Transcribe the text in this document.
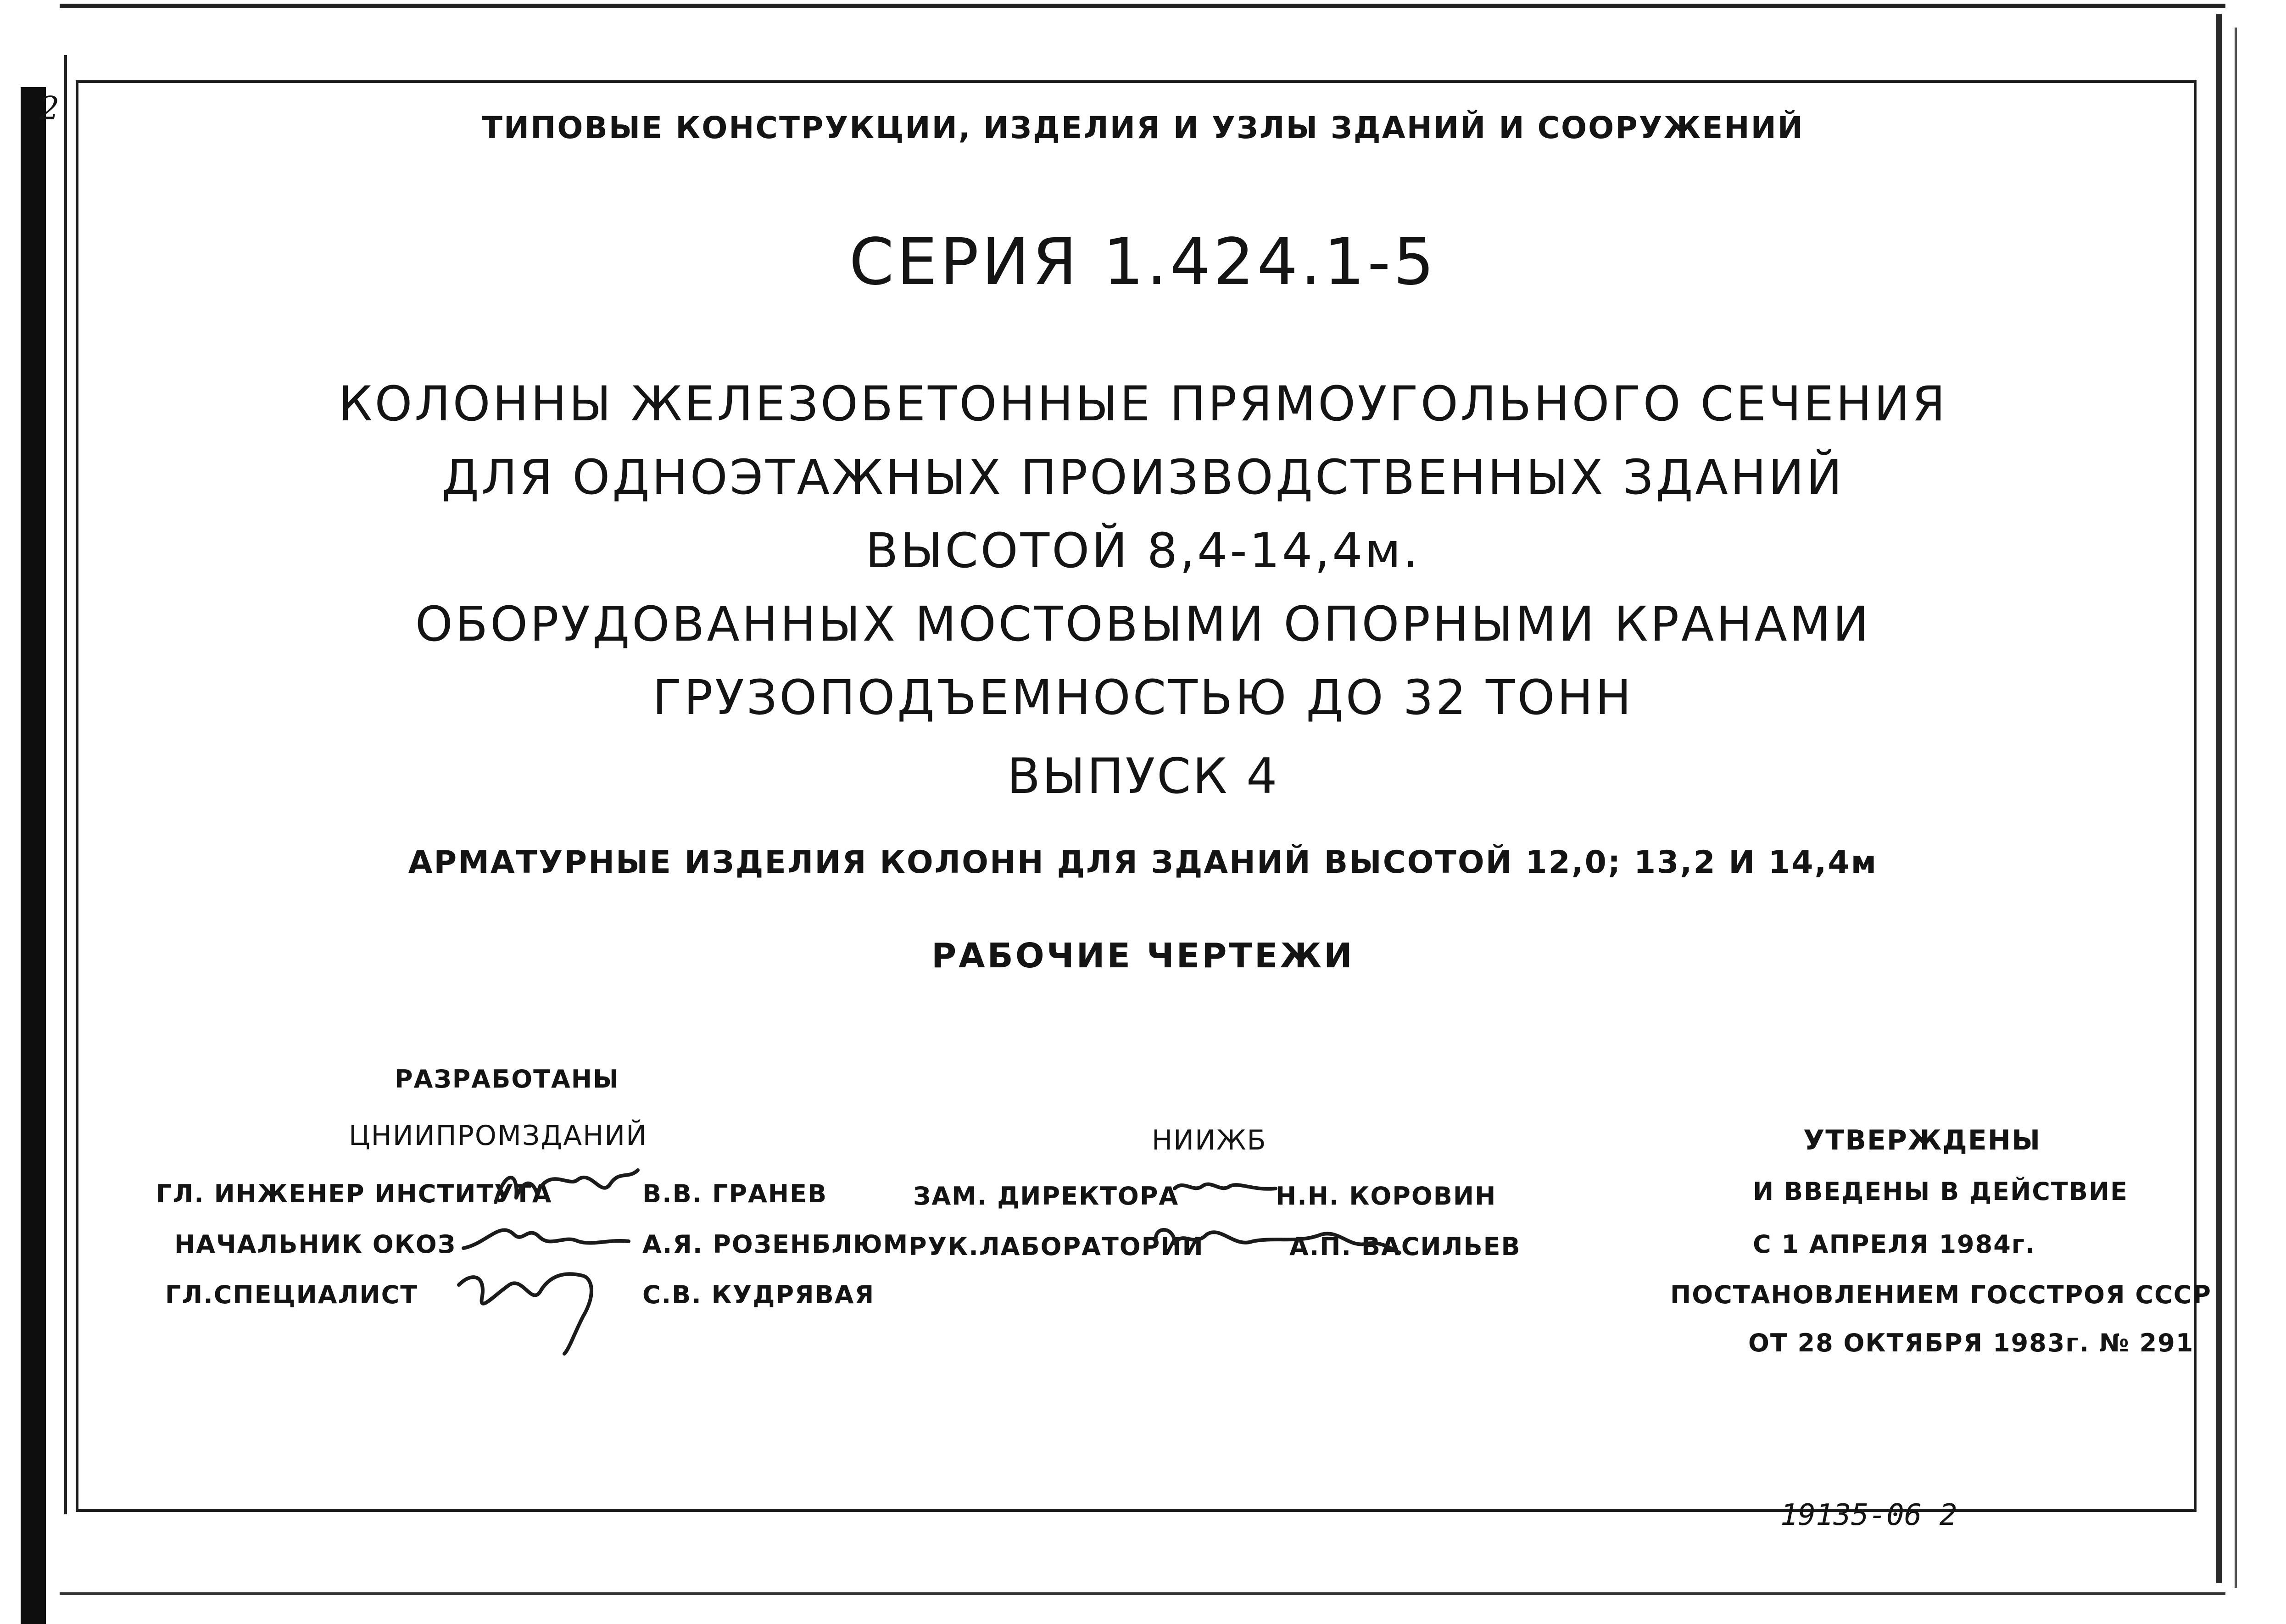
2
ТИПОВЫЕ КОНСТРУКЦИИ, ИЗДЕЛИЯ И УЗЛЫ ЗДАНИЙ И СООРУЖЕНИЙ
СЕРИЯ 1.424.1-5
КОЛОННЫ ЖЕЛЕЗОБЕТОННЫЕ ПРЯМОУГОЛЬНОГО СЕЧЕНИЯ
ДЛЯ ОДНОЭТАЖНЫХ ПРОИЗВОДСТВЕННЫХ ЗДАНИЙ
ВЫСОТОЙ 8,4-14,4м.
ОБОРУДОВАННЫХ МОСТОВЫМИ ОПОРНЫМИ КРАНАМИ
ГРУЗОПОДЪЕМНОСТЬЮ ДО 32 ТОНН
ВЫПУСК 4
АРМАТУРНЫЕ ИЗДЕЛИЯ КОЛОНН ДЛЯ ЗДАНИЙ ВЫСОТОЙ 12,0; 13,2 И 14,4м
РАБОЧИЕ ЧЕРТЕЖИ
РАЗРАБОТАНЫ
ЦНИИПРОМЗДАНИЙ	НИИЖБ
ГЛ. ИНЖЕНЕР ИНСТИТУТА	В.В. ГРАНЕВ
НАЧАЛЬНИК ОКОЗ	А.Я. РОЗЕНБЛЮМ
ГЛ.СПЕЦИАЛИСТ	С.В. КУДРЯВАЯ
ЗАМ. ДИРЕКТОРА	Н.Н. КОРОВИН
РУК.ЛАБОРАТОРИИ	А.П. ВАСИЛЬЕВ
УТВЕРЖДЕНЫ
И ВВЕДЕНЫ В ДЕЙСТВИЕ
С 1 АПРЕЛЯ 1984г.
ПОСТАНОВЛЕНИЕМ ГОССТРОЯ СССР
ОТ 28 ОКТЯБРЯ 1983г. № 291
19135-06 2
